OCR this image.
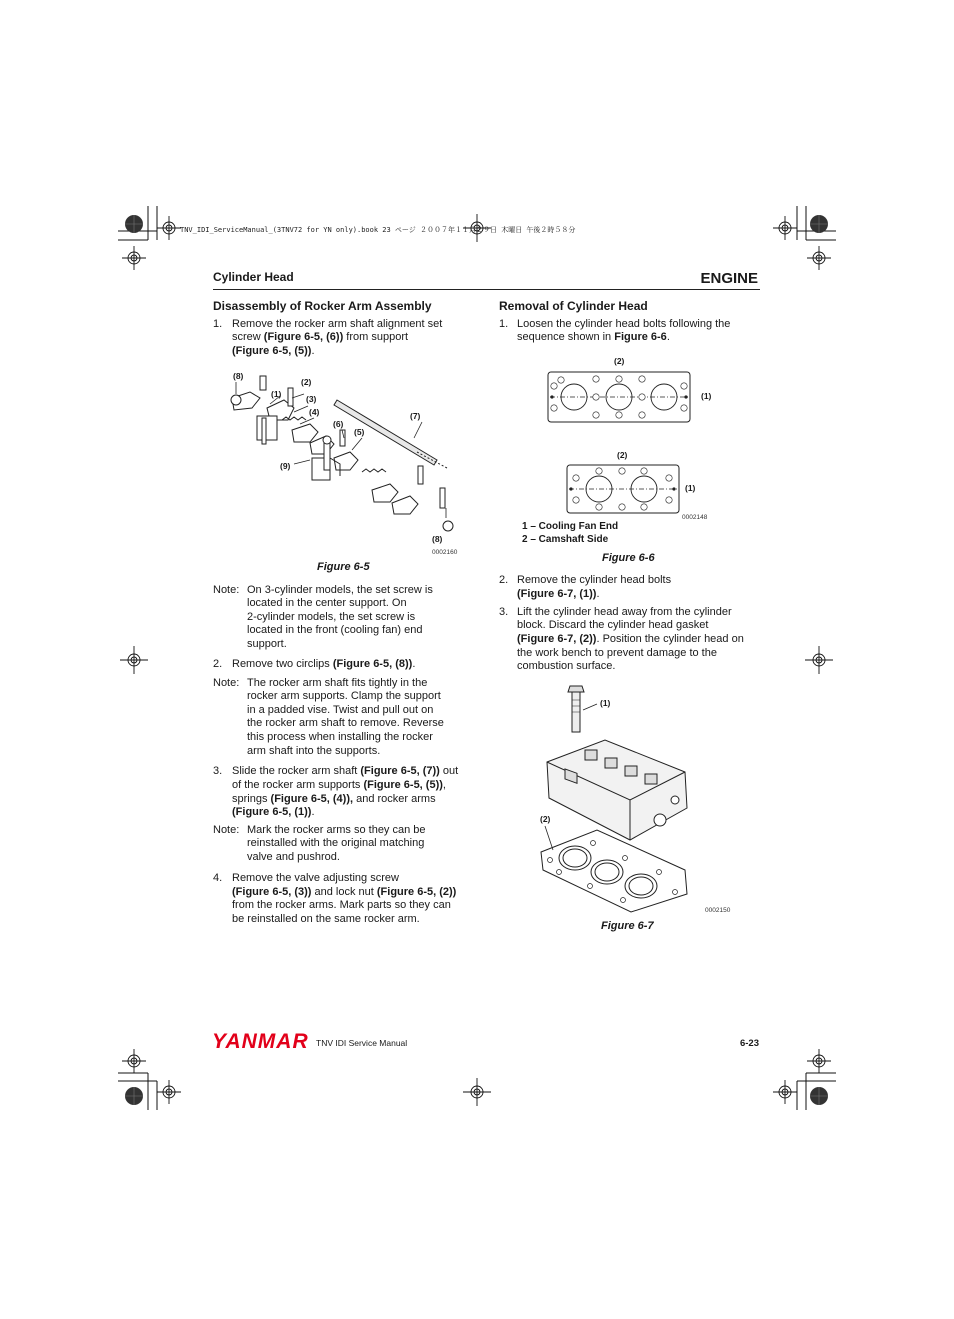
TNV_IDI_ServiceManual_(3TNV72 for YN only).book 23 ページ ２００７年１１月２９日 木曜日 午後２時５８分
Cylinder Head	ENGINE
Disassembly of Rocker Arm Assembly
1. Remove the rocker arm shaft alignment set
screw (Figure 6-5, (6)) from support
(Figure 6-5, (5)).
(8)
(1)
(2)
(3)
(4)	(7)
(6)
(5)
(9)
(8)
0002160
Figure 6-5
Note: On 3-cylinder models, the set screw is
located in the center support. On
2-cylinder models, the set screw is
located in the front (cooling fan) end
support.
2. Remove two circlips (Figure 6-5, (8)).
Note: The rocker arm shaft fits tightly in the
rocker arm supports. Clamp the support
in a padded vise. Twist and pull out on
the rocker arm shaft to remove. Reverse
this process when installing the rocker
arm shaft into the supports.
3. Slide the rocker arm shaft (Figure 6-5, (7)) out
of the rocker arm supports (Figure 6-5, (5)),
springs (Figure 6-5, (4)), and rocker arms
(Figure 6-5, (1)).
Note: Mark the rocker arms so they can be
reinstalled with the original matching
valve and pushrod.
4. Remove the valve adjusting screw
(Figure 6-5, (3)) and lock nut (Figure 6-5, (2))
from the rocker arms. Mark parts so they can
be reinstalled on the same rocker arm.
Removal of Cylinder Head
1. Loosen the cylinder head bolts following the
sequence shown in Figure 6-6.
(2)
(1)
(2)
(1)
0002148
1 – Cooling Fan End
2 – Camshaft Side
Figure 6-6
2. Remove the cylinder head bolts
(Figure 6-7, (1)).
3. Lift the cylinder head away from the cylinder
block. Discard the cylinder head gasket
(Figure 6-7, (2)). Position the cylinder head on
the work bench to prevent damage to the
combustion surface.
(1)
(2)
0002150
Figure 6-7
YANMAR TNV IDI Service Manual	6-23
